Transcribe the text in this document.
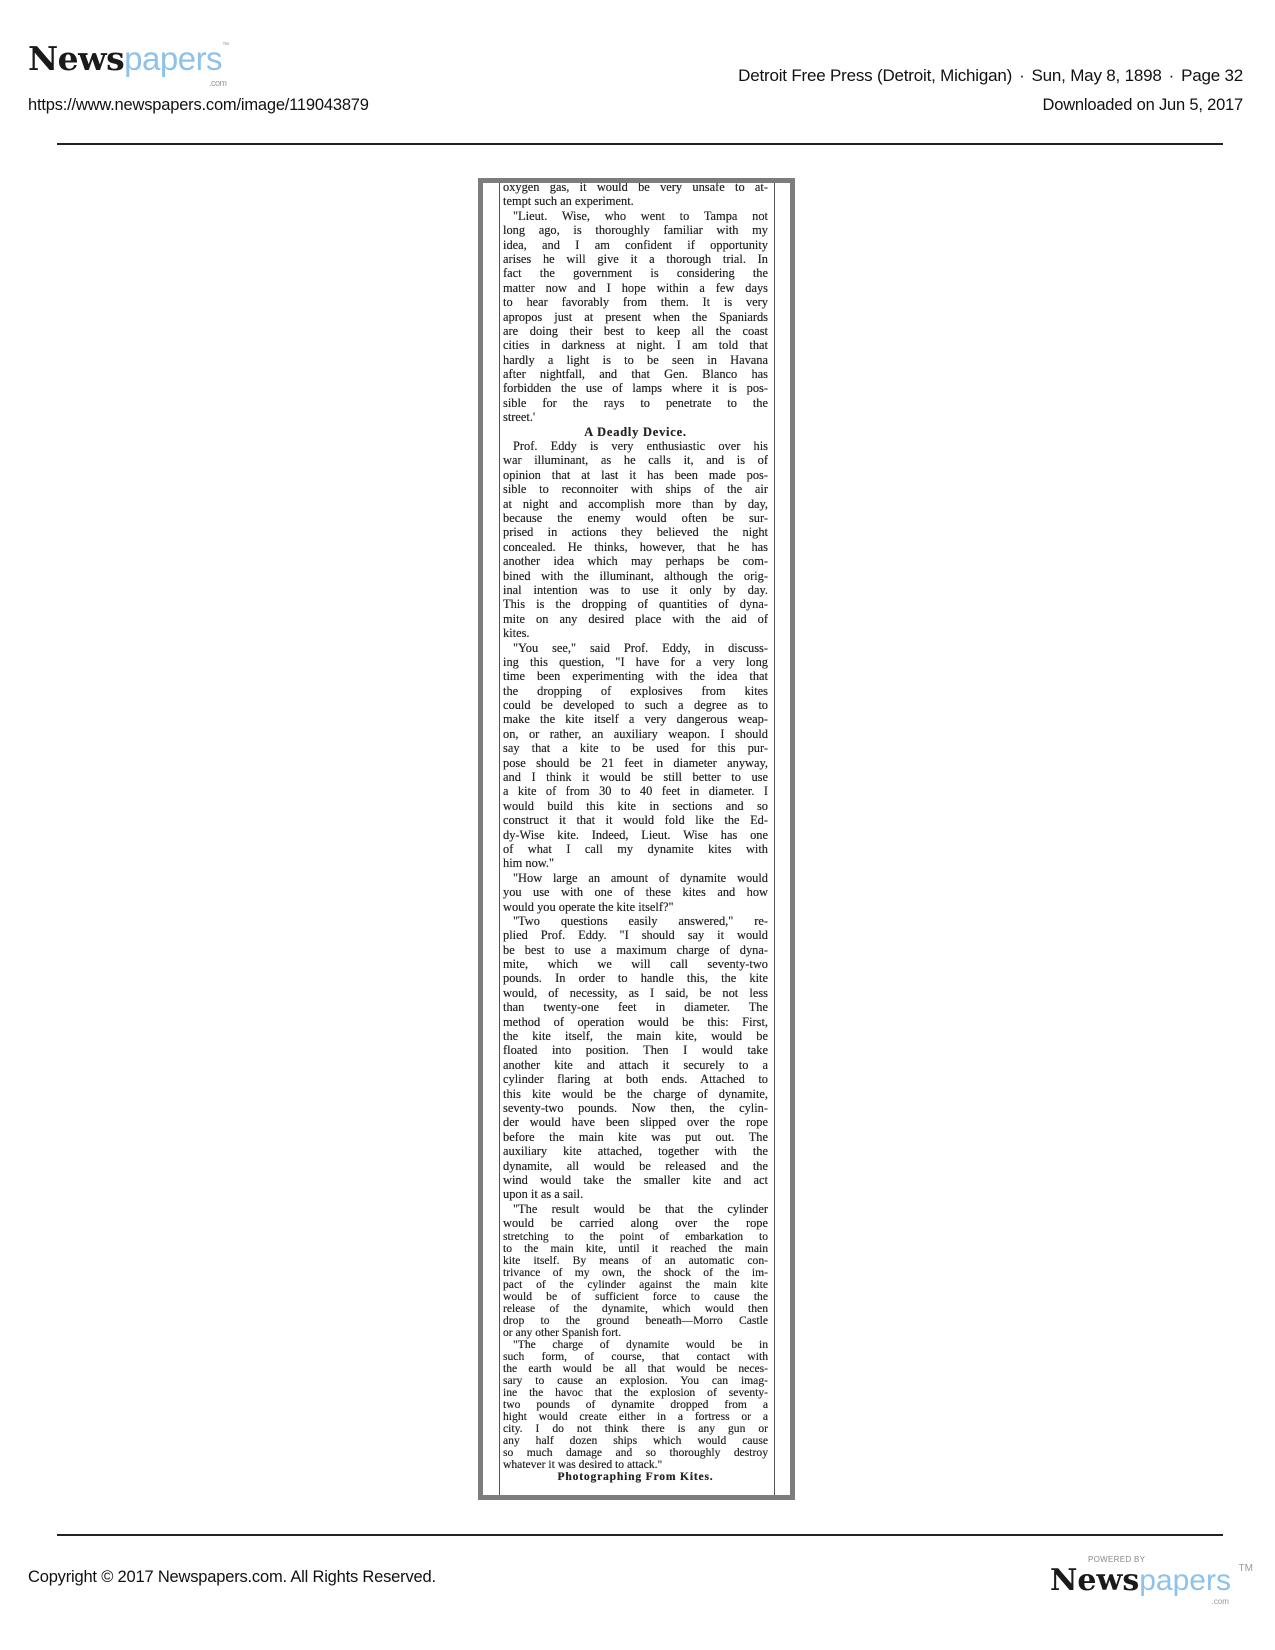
Newspapers™
.com	Detroit Free Press (Detroit, Michigan) · Sun, May 8, 1898 · Page 32
https://www.newspapers.com/image/119043879	Downloaded on Jun 5, 2017
oxygen gas, it would be very unsafe to at-
tempt such an experiment.
"Lieut. Wise, who went to Tampa not
long ago, is thoroughly familiar with my
idea, and I am confident if opportunity
arises he will give it a thorough trial. In
fact the government is considering the
matter now and I hope within a few days
to hear favorably from them. It is very
apropos just at present when the Spaniards
are doing their best to keep all the coast
cities in darkness at night. I am told that
hardly a light is to be seen in Havana
after nightfall, and that Gen. Blanco has
forbidden the use of lamps where it is pos-
sible for the rays to penetrate to the
street.'
A Deadly Device.
Prof. Eddy is very enthusiastic over his
war illuminant, as he calls it, and is of
opinion that at last it has been made pos-
sible to reconnoiter with ships of the air
at night and accomplish more than by day,
because the enemy would often be sur-
prised in actions they believed the night
concealed. He thinks, however, that he has
another idea which may perhaps be com-
bined with the illuminant, although the orig-
inal intention was to use it only by day.
This is the dropping of quantities of dyna-
mite on any desired place with the aid of
kites.
"You see," said Prof. Eddy, in discuss-
ing this question, "I have for a very long
time been experimenting with the idea that
the dropping of explosives from kites
could be developed to such a degree as to
make the kite itself a very dangerous weap-
on, or rather, an auxiliary weapon. I should
say that a kite to be used for this pur-
pose should be 21 feet in diameter anyway,
and I think it would be still better to use
a kite of from 30 to 40 feet in diameter. I
would build this kite in sections and so
construct it that it would fold like the Ed-
dy-Wise kite. Indeed, Lieut. Wise has one
of what I call my dynamite kites with
him now."
"How large an amount of dynamite would
you use with one of these kites and how
would you operate the kite itself?"
"Two questions easily answered," re-
plied Prof. Eddy. "I should say it would
be best to use a maximum charge of dyna-
mite, which we will call seventy-two
pounds. In order to handle this, the kite
would, of necessity, as I said, be not less
than twenty-one feet in diameter. The
method of operation would be this: First,
the kite itself, the main kite, would be
floated into position. Then I would take
another kite and attach it securely to a
cylinder flaring at both ends. Attached to
this kite would be the charge of dynamite,
seventy-two pounds. Now then, the cylin-
der would have been slipped over the rope
before the main kite was put out. The
auxiliary kite attached, together with the
dynamite, all would be released and the
wind would take the smaller kite and act
upon it as a sail.
"The result would be that the cylinder
would be carried along over the rope
stretching to the point of embarkation to
to the main kite, until it reached the main
kite itself. By means of an automatic con-
trivance of my own, the shock of the im-
pact of the cylinder against the main kite
would be of sufficient force to cause the
release of the dynamite, which would then
drop to the ground beneath—Morro Castle
or any other Spanish fort.
"The charge of dynamite would be in
such form, of course, that contact with
the earth would be all that would be neces-
sary to cause an explosion. You can imag-
ine the havoc that the explosion of seventy-
two pounds of dynamite dropped from a
hight would create either in a fortress or a
city. I do not think there is any gun or
any half dozen ships which would cause
so much damage and so thoroughly destroy
whatever it was desired to attack."
Photographing From Kites.
Copyright © 2017 Newspapers.com. All Rights Reserved.
POWERED BY
Newspapers TM
.com
